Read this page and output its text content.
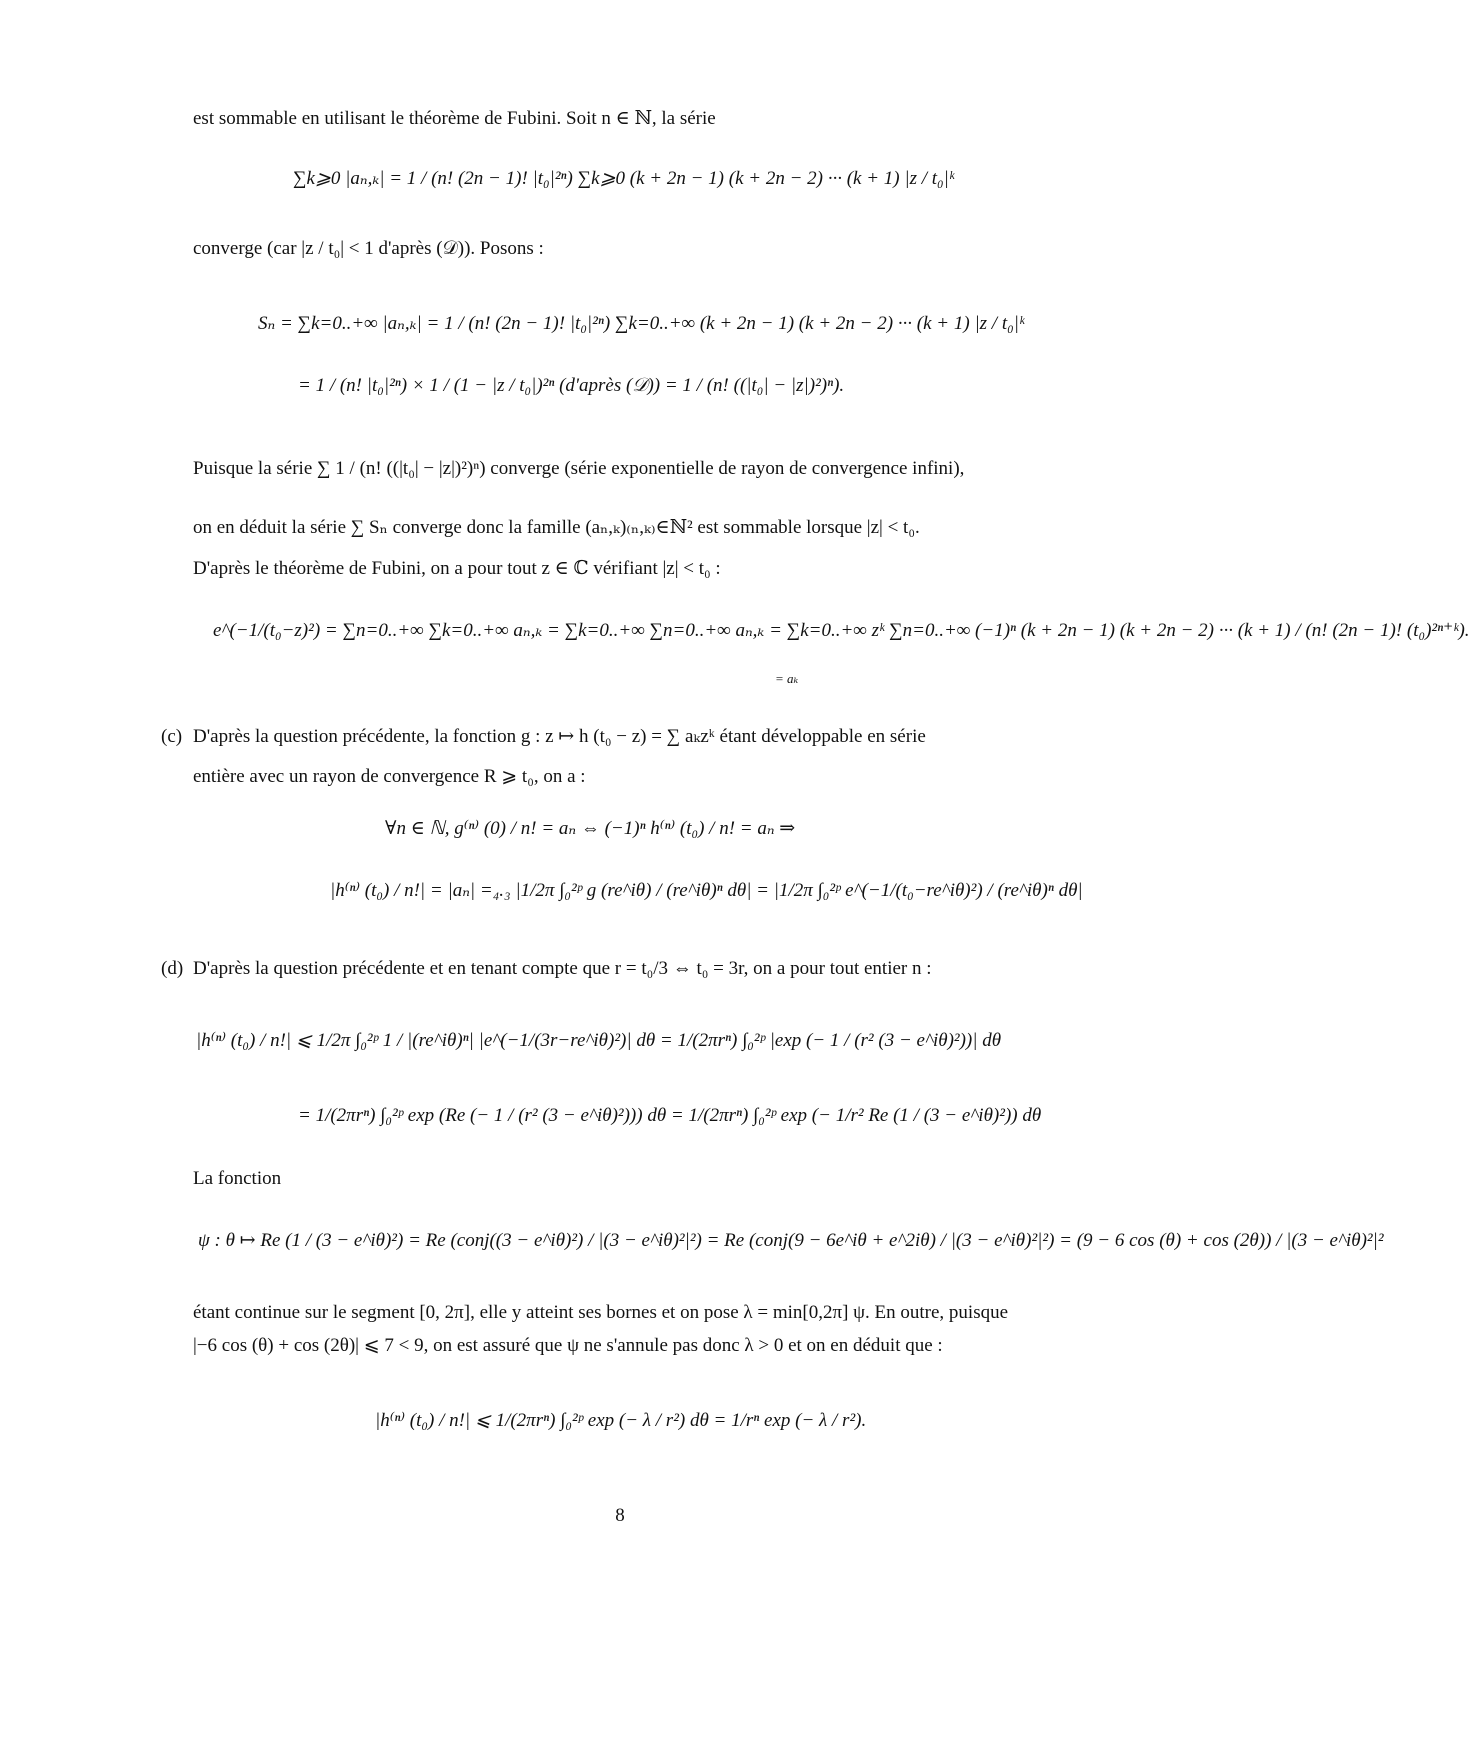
est sommable en utilisant le théorème de Fubini. Soit n ∈ ℕ, la série
∑k⩾0 |aₙ,ₖ| = 1 / (n! (2n − 1)! |t₀|²ⁿ) ∑k⩾0 (k + 2n − 1) (k + 2n − 2) ··· (k + 1) |z / t₀|ᵏ
converge (car |z / t₀| < 1 d'après (𝒟)). Posons :
Sₙ = ∑k=0..+∞ |aₙ,ₖ| = 1 / (n! (2n − 1)! |t₀|²ⁿ) ∑k=0..+∞ (k + 2n − 1) (k + 2n − 2) ··· (k + 1) |z / t₀|ᵏ
= 1 / (n! |t₀|²ⁿ) × 1 / (1 − |z / t₀|)²ⁿ (d'après (𝒟)) = 1 / (n! ((|t₀| − |z|)²)ⁿ).
Puisque la série ∑ 1 / (n! ((|t₀| − |z|)²)ⁿ) converge (série exponentielle de rayon de convergence infini),
on en déduit la série ∑ Sₙ converge donc la famille (aₙ,ₖ)₍ₙ,ₖ₎∈ℕ² est sommable lorsque |z| < t₀.
D'après le théorème de Fubini, on a pour tout z ∈ ℂ vérifiant |z| < t₀ :
e^(−1/(t₀−z)²) = ∑n=0..+∞ ∑k=0..+∞ aₙ,ₖ = ∑k=0..+∞ ∑n=0..+∞ aₙ,ₖ = ∑k=0..+∞ zᵏ ∑n=0..+∞ (−1)ⁿ (k + 2n − 1) (k + 2n − 2) ··· (k + 1) / (n! (2n − 1)! (t₀)²ⁿ⁺ᵏ).
= aₖ
(c) D'après la question précédente, la fonction g : z ↦ h (t₀ − z) = ∑ aₖzᵏ étant développable en série
entière avec un rayon de convergence R ⩾ t₀, on a :
∀n ∈ ℕ, g⁽ⁿ⁾ (0) / n! = aₙ ⇔ (−1)ⁿ h⁽ⁿ⁾ (t₀) / n! = aₙ ⇒
|h⁽ⁿ⁾ (t₀) / n!| = |aₙ| =₄.₃ |1/2π ∫₀²ᵖ g (re^iθ) / (re^iθ)ⁿ dθ| = |1/2π ∫₀²ᵖ e^(−1/(t₀−re^iθ)²) / (re^iθ)ⁿ dθ|
(d) D'après la question précédente et en tenant compte que r = t₀/3 ⇔ t₀ = 3r, on a pour tout entier n :
|h⁽ⁿ⁾ (t₀) / n!| ⩽ 1/2π ∫₀²ᵖ 1 / |(re^iθ)ⁿ| |e^(−1/(3r−re^iθ)²)| dθ = 1/(2πrⁿ) ∫₀²ᵖ |exp (− 1 / (r² (3 − e^iθ)²))| dθ
= 1/(2πrⁿ) ∫₀²ᵖ exp (Re (− 1 / (r² (3 − e^iθ)²))) dθ = 1/(2πrⁿ) ∫₀²ᵖ exp (− 1/r² Re (1 / (3 − e^iθ)²)) dθ
La fonction
ψ : θ ↦ Re (1 / (3 − e^iθ)²) = Re (conj((3 − e^iθ)²) / |(3 − e^iθ)²|²) = Re (conj(9 − 6e^iθ + e^2iθ) / |(3 − e^iθ)²|²) = (9 − 6 cos (θ) + cos (2θ)) / |(3 − e^iθ)²|²
étant continue sur le segment [0, 2π], elle y atteint ses bornes et on pose λ = min[0,2π] ψ. En outre, puisque
|−6 cos (θ) + cos (2θ)| ⩽ 7 < 9, on est assuré que ψ ne s'annule pas donc λ > 0 et on en déduit que :
|h⁽ⁿ⁾ (t₀) / n!| ⩽ 1/(2πrⁿ) ∫₀²ᵖ exp (− λ / r²) dθ = 1/rⁿ exp (− λ / r²).
8
